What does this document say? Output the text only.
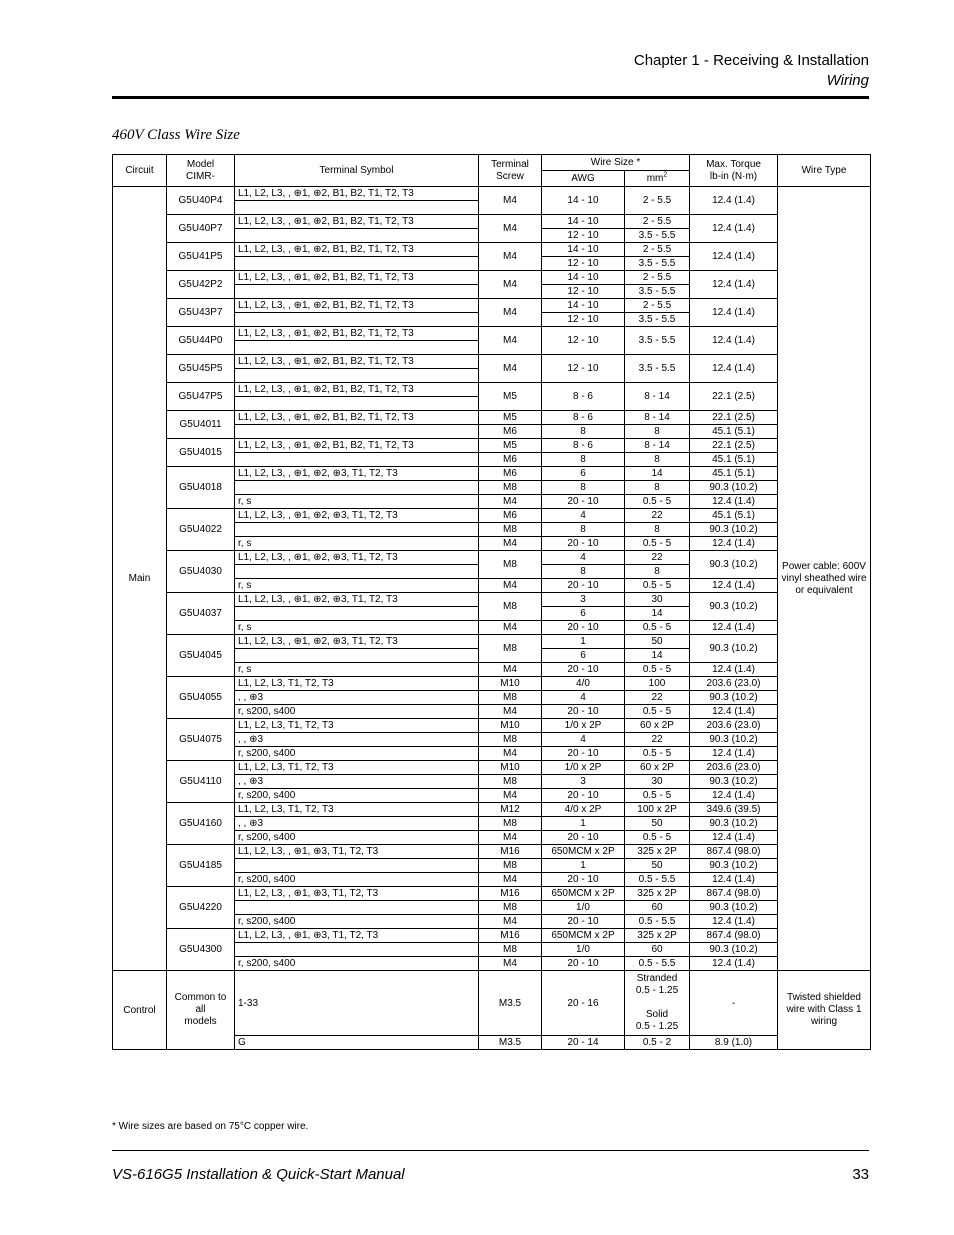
Chapter 1 - Receiving & Installation
Wiring
460V Class Wire Size
Circuit	Model
CIMR-	Terminal Symbol	Terminal
Screw	Wire Size *		Max. Torque
lb-in (N·m)	Wire Type
				AWG	$mm^2$
Main	G5U40P4	L1, L2, L3, , ⊕1, ⊕2, B1, B2, T1, T2, T3	M4	14 - 10	2 - 5.5	12.4 (1.4)	Power cable: 600V vinyl sheathed wire or equivalent

	G5U40P7	L1, L2, L3, , ⊕1, ⊕2, B1, B2, T1, T2, T3	M4	14 - 10	2 - 5.5	12.4 (1.4)	
				12 - 10	3.5 - 5.5		
	G5U41P5	L1, L2, L3, , ⊕1, ⊕2, B1, B2, T1, T2, T3	M4	14 - 10	2 - 5.5	12.4 (1.4)	
				12 - 10	3.5 - 5.5		
	G5U42P2	L1, L2, L3, , ⊕1, ⊕2, B1, B2, T1, T2, T3	M4	14 - 10	2 - 5.5	12.4 (1.4)	
				12 - 10	3.5 - 5.5		
	G5U43P7	L1, L2, L3, , ⊕1, ⊕2, B1, B2, T1, T2, T3	M4	14 - 10	2 - 5.5	12.4 (1.4)	
				12 - 10	3.5 - 5.5		
	G5U44P0	L1, L2, L3, , ⊕1, ⊕2, B1, B2, T1, T2, T3	M4	12 - 10	3.5 - 5.5	12.4 (1.4)	

	G5U45P5	L1, L2, L3, , ⊕1, ⊕2, B1, B2, T1, T2, T3	M4	12 - 10	3.5 - 5.5	12.4 (1.4)	

	G5U47P5	L1, L2, L3, , ⊕1, ⊕2, B1, B2, T1, T2, T3	M5	8 - 6	8 - 14	22.1 (2.5)	

	G5U4011	L1, L2, L3, , ⊕1, ⊕2, B1, B2, T1, T2, T3	M5	8 - 6	8 - 14	22.1 (2.5)	
			M6	8	8	45.1 (5.1)	
	G5U4015	L1, L2, L3, , ⊕1, ⊕2, B1, B2, T1, T2, T3	M5	8 - 6	8 - 14	22.1 (2.5)	
			M6	8	8	45.1 (5.1)	
	G5U4018	L1, L2, L3, , ⊕1, ⊕2, ⊕3, T1, T2, T3	M6	6	14	45.1 (5.1)	
			M8	8	8	90.3 (10.2)	
		r, s	M4	20 - 10	0.5 - 5	12.4 (1.4)	
	G5U4022	L1, L2, L3, , ⊕1, ⊕2, ⊕3, T1, T2, T3	M6	4	22	45.1 (5.1)	
			M8	8	8	90.3 (10.2)	
		r, s	M4	20 - 10	0.5 - 5	12.4 (1.4)	
	G5U4030	L1, L2, L3, , ⊕1, ⊕2, ⊕3, T1, T2, T3	M8	4	22	90.3 (10.2)	
				8	8		
		r, s	M4	20 - 10	0.5 - 5	12.4 (1.4)	
	G5U4037	L1, L2, L3, , ⊕1, ⊕2, ⊕3, T1, T2, T3	M8	3	30	90.3 (10.2)	
				6	14		
		r, s	M4	20 - 10	0.5 - 5	12.4 (1.4)	
	G5U4045	L1, L2, L3, , ⊕1, ⊕2, ⊕3, T1, T2, T3	M8	1	50	90.3 (10.2)	
				6	14		
		r, s	M4	20 - 10	0.5 - 5	12.4 (1.4)	
	G5U4055	L1, L2, L3, T1, T2, T3	M10	4/0	100	203.6 (23.0)	
		, , ⊕3	M8	4	22	90.3 (10.2)	
		r, s200, s400	M4	20 - 10	0.5 - 5	12.4 (1.4)	
	G5U4075	L1, L2, L3, T1, T2, T3	M10	1/0 x 2P	60 x 2P	203.6 (23.0)	
		, , ⊕3	M8	4	22	90.3 (10.2)	
		r, s200, s400	M4	20 - 10	0.5 - 5	12.4 (1.4)	
	G5U4110	L1, L2, L3, T1, T2, T3	M10	1/0 x 2P	60 x 2P	203.6 (23.0)	
		, , ⊕3	M8	3	30	90.3 (10.2)	
		r, s200, s400	M4	20 - 10	0.5 - 5	12.4 (1.4)	
	G5U4160	L1, L2, L3, T1, T2, T3	M12	4/0 x 2P	100 x 2P	349.6 (39.5)	
		, , ⊕3	M8	1	50	90.3 (10.2)	
		r, s200, s400	M4	20 - 10	0.5 - 5	12.4 (1.4)	
	G5U4185	L1, L2, L3, , ⊕1, ⊕3, T1, T2, T3	M16	650MCM x 2P	325 x 2P	867.4 (98.0)	
			M8	1	50	90.3 (10.2)	
		r, s200, s400	M4	20 - 10	0.5 - 5.5	12.4 (1.4)	
	G5U4220	L1, L2, L3, , ⊕1, ⊕3, T1, T2, T3	M16	650MCM x 2P	325 x 2P	867.4 (98.0)	
			M8	1/0	60	90.3 (10.2)	
		r, s200, s400	M4	20 - 10	0.5 - 5.5	12.4 (1.4)	
	G5U4300	L1, L2, L3, , ⊕1, ⊕3, T1, T2, T3	M16	650MCM x 2P	325 x 2P	867.4 (98.0)	
			M8	1/0	60	90.3 (10.2)	
		r, s200, s400	M4	20 - 10	0.5 - 5.5	12.4 (1.4)	
Control	Common to
all
models	1-33	M3.5	20 - 16	Stranded
0.5 - 1.25

Solid
0.5 - 1.25	-	Twisted shielded wire with Class 1 wiring
		G	M3.5	20 - 14	0.5 - 2	8.9 (1.0)	
* Wire sizes are based on 75°C copper wire.
VS-616G5 Installation & Quick-Start Manual	33
